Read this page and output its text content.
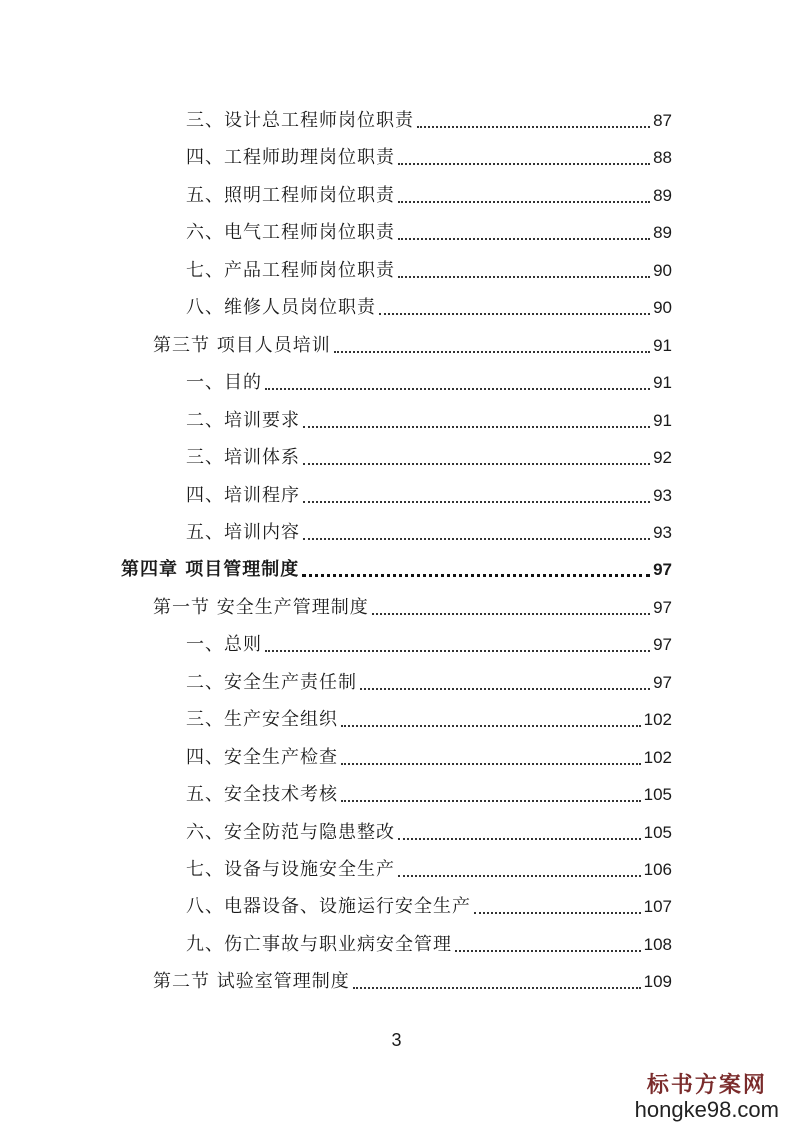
三、设计总工程师岗位职责	87
四、工程师助理岗位职责	88
五、照明工程师岗位职责	89
六、电气工程师岗位职责	89
七、产品工程师岗位职责	90
八、维修人员岗位职责	90
第三节 项目人员培训	91
一、目的	91
二、培训要求	91
三、培训体系	92
四、培训程序	93
五、培训内容	93
第四章 项目管理制度	97
第一节 安全生产管理制度	97
一、总则	97
二、安全生产责任制	97
三、生产安全组织	102
四、安全生产检查	102
五、安全技术考核	105
六、安全防范与隐患整改	105
七、设备与设施安全生产	106
八、电器设备、设施运行安全生产	107
九、伤亡事故与职业病安全管理	108
第二节 试验室管理制度	109
3
标书方案网
hongke98.com
